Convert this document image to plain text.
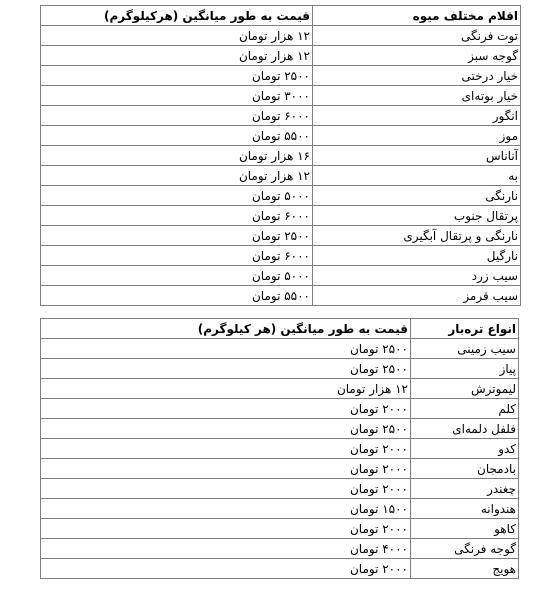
اقلام مختلف میوه	قیمت به طور میانگین (هرکیلوگرم)
توت فرنگی	۱۲ هزار تومان
گوجه سبز	۱۲ هزار تومان
خیار درختی	۲۵۰۰ تومان
خیار بوته‌ای	۳۰۰۰ تومان
انگور	۶۰۰۰ تومان
موز	۵۵۰۰ تومان
آناناس	۱۶ هزار تومان
به	۱۲ هزار تومان
نارنگی	۵۰۰۰ تومان
پرتقال جنوب	۶۰۰۰ تومان
نارنگی و پرتقال آبگیری	۲۵۰۰ تومان
نارگیل	۶۰۰۰ تومان
سیب زرد	۵۰۰۰ تومان
سیب قرمز	۵۵۰۰ تومان
انواع تره‌بار	قیمت به طور میانگین (هر کیلوگرم)
سیب زمینی	۲۵۰۰ تومان
پیاز	۲۵۰۰ تومان
لیموترش	۱۲ هزار تومان
کلم	۲۰۰۰ تومان
فلفل دلمه‌ای	۲۵۰۰ تومان
کدو	۲۰۰۰ تومان
بادمجان	۲۰۰۰ تومان
چغندر	۲۰۰۰ تومان
هندوانه	۱۵۰۰ تومان
کاهو	۲۰۰۰ تومان
گوجه فرنگی	۴۰۰۰ تومان
هویج	۲۰۰۰ تومان
